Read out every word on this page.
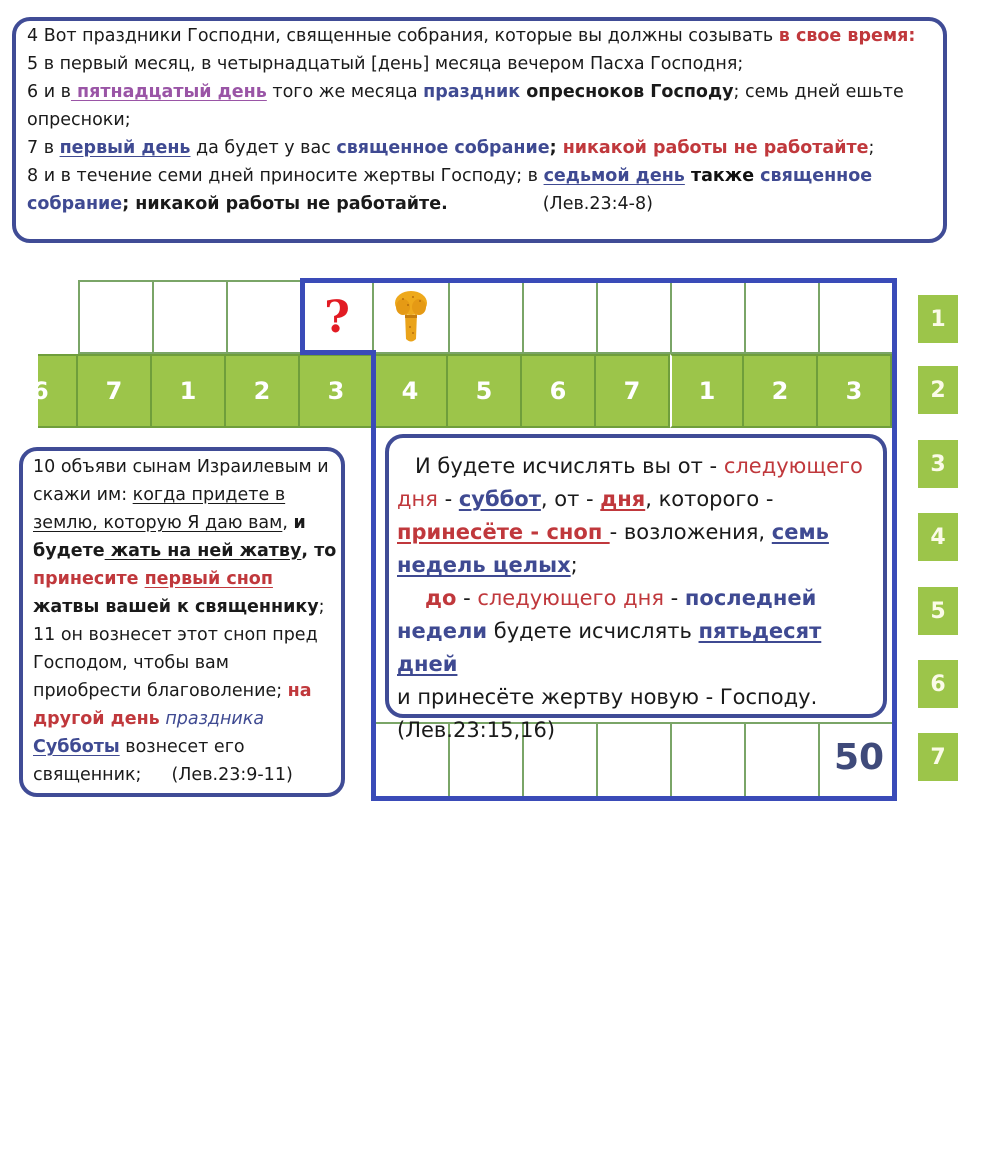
4 Вот праздники Господни, священные собрания, которые вы должны созывать в свое время:
5 в первый месяц, в четырнадцатый [день] месяца вечером Пасха Господня;
6 и в пятнадцатый день того же месяца праздник опресноков Господу; семь дней ешьте опресноки;
7 в первый день да будет у вас священное собрание; никакой работы не работайте;
8 и в течение семи дней приносите жертвы Господу; в седьмой день также священное собрание; никакой работы не работайте.	(Лев.23:4-8)
?
6 7 1 2 3 4 5 6 7 1 2 3
50
1
2
3
4
5
6
7
10 объяви сынам Израилевым и скажи им: когда придете в землю, которую Я даю вам, и будете жать на ней жатву, то
принесите первый сноп
жатвы вашей к священнику;
11 он вознесет этот сноп пред Господом, чтобы вам приобрести благоволение; на другой день праздника
Субботы вознесет его священник; (Лев.23:9-11)
И будете исчислять вы от - следующего дня - суббот, от - дня, которого -
принесёте - сноп - возложения, семь недель целых;
до - следующего дня - последней недели будете исчислять пятьдесят дней
и принесёте жертву новую - Господу.
(Лев.23:15,16)
